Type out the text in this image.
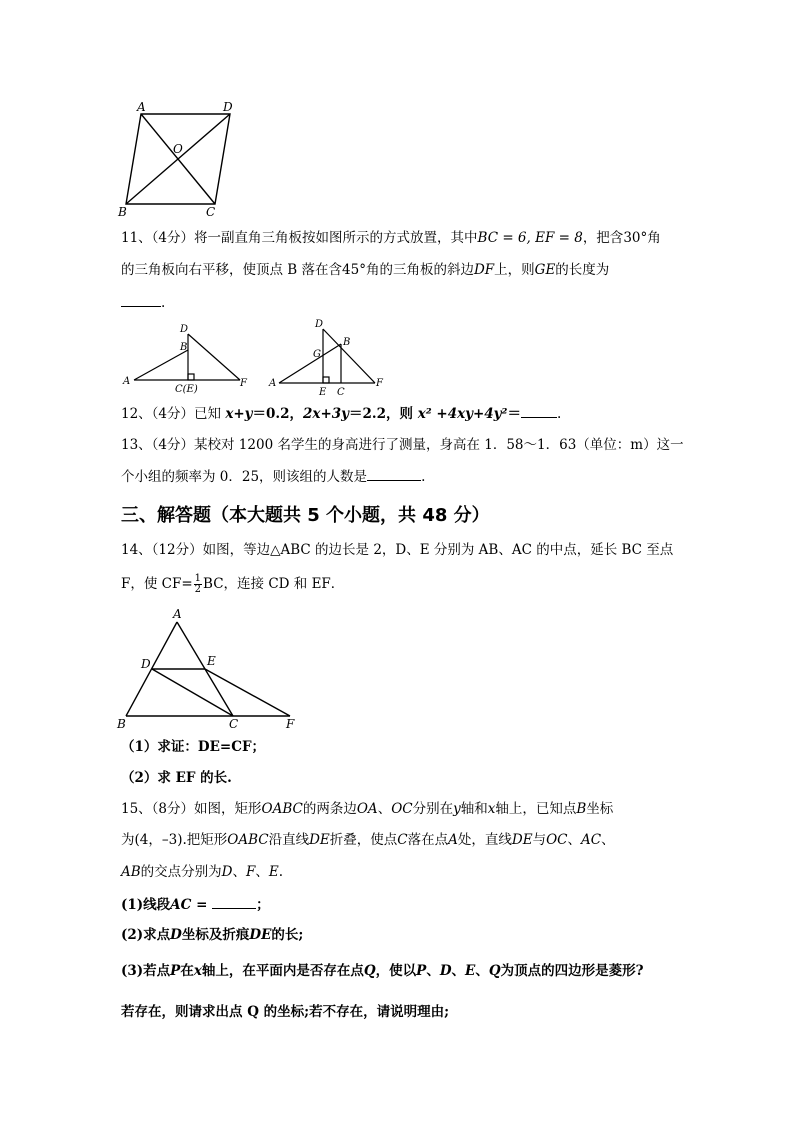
A	D
O
B	C
11、（4分）将一副直角三角板按如图所示的方式放置，其中BC = 6, EF = 8，把含30°角
的三角板向右平移，使顶点 B 落在含45°角的三角板的斜边DF上，则GE的长度为
.
D
B
A
C(E)
F
D
G
B
A
E C
F
12、（4分）已知 x+y＝0.2，2x+3y＝2.2，则 x² +4xy+4y²＝	.
13、（4分）某校对 1200 名学生的身高进行了测量，身高在 1．58～1．63（单位：m）这一
个小组的频率为 0．25，则该组的人数是	.
三、解答题（本大题共 5 个小题，共 48 分）
14、（12分）如图，等边△ABC 的边长是 2，D、E 分别为 AB、AC 的中点，延长 BC 至点
F，使 $CF= \frac{1}{2}$ BC，连接 CD 和 EF．
A
D	E
B	C	F
（1）求证：DE=CF；
（2）求 EF 的长.
15、（8分）如图，矩形OABC的两条边OA、OC分别在y轴和x轴上，已知点B坐标
为(4，–3).把矩形OABC沿直线DE折叠，使点C落在点A处，直线DE与OC、AC、
AB的交点分别为D、F、E.
(1)线段AC =	；
(2)求点D坐标及折痕DE的长;
(3)若点P在x轴上，在平面内是否存在点Q，使以P、D、E、Q为顶点的四边形是菱形?
若存在，则请求出点 Q 的坐标;若不存在，请说明理由;
